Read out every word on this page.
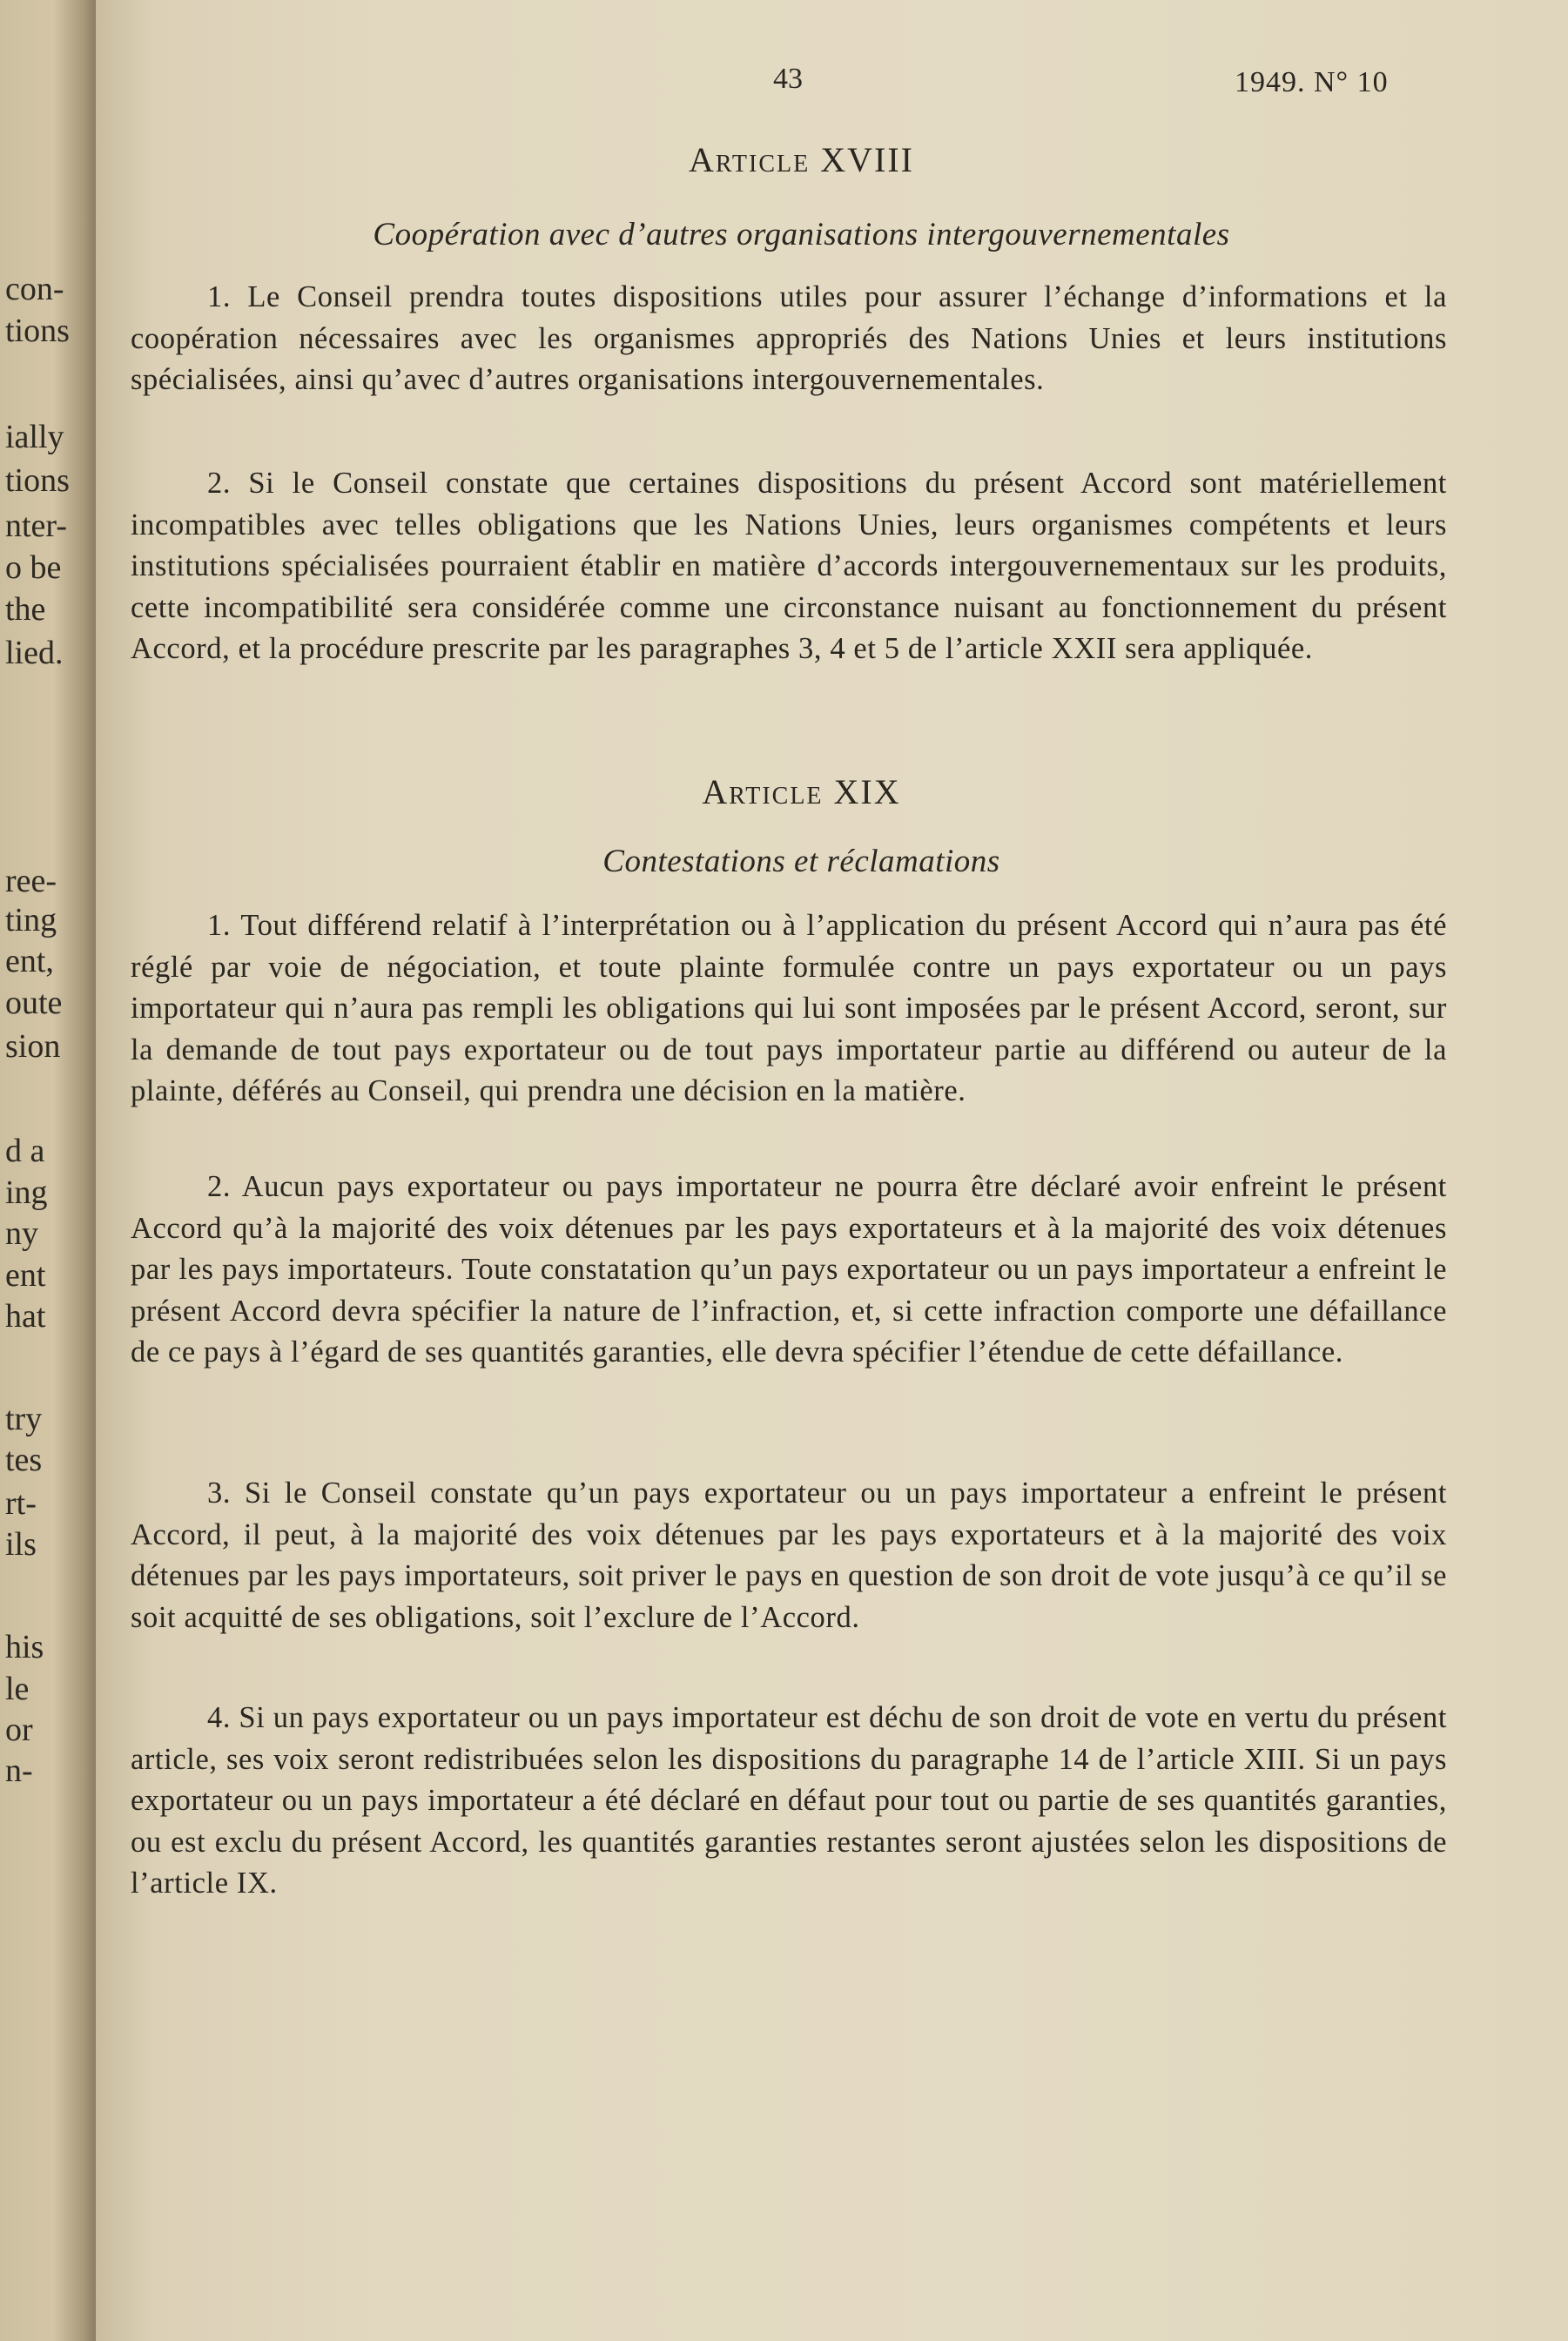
con-
tions
ially
tions
nter-
o be
the
lied.
ree-
ting
ent,
oute
sion
d a
ing
ny
ent
hat
try
tes
rt-
ils
his
le
or
n-
43	1949. N° 10
Article XVIII
Coopération avec d’autres organisations intergouvernementales

1. Le Conseil prendra toutes dispositions utiles pour assurer l’échange d’informations et la coopération nécessaires avec les organismes appropriés des Nations Unies et leurs institutions spécialisées, ainsi qu’avec d’autres organisations intergouvernementales.

2. Si le Conseil constate que certaines dispositions du présent Accord sont matériellement incompatibles avec telles obligations que les Nations Unies, leurs organismes compétents et leurs institutions spécialisées pourraient établir en matière d’accords intergouvernementaux sur les produits, cette incompatibilité sera considérée comme une circonstance nuisant au fonctionnement du présent Accord, et la procédure prescrite par les paragraphes 3, 4 et 5 de l’article XXII sera appliquée.

Article XIX
Contestations et réclamations

1. Tout différend relatif à l’interprétation ou à l’application du présent Accord qui n’aura pas été réglé par voie de négociation, et toute plainte formulée contre un pays exportateur ou un pays importateur qui n’aura pas rempli les obligations qui lui sont imposées par le présent Accord, seront, sur la demande de tout pays exportateur ou de tout pays importateur partie au différend ou auteur de la plainte, déférés au Conseil, qui prendra une décision en la matière.

2. Aucun pays exportateur ou pays importateur ne pourra être déclaré avoir enfreint le présent Accord qu’à la majorité des voix détenues par les pays exportateurs et à la majorité des voix détenues par les pays importateurs. Toute constatation qu’un pays exportateur ou un pays importateur a enfreint le présent Accord devra spécifier la nature de l’infraction, et, si cette infraction comporte une défaillance de ce pays à l’égard de ses quantités garanties, elle devra spécifier l’étendue de cette défaillance.

3. Si le Conseil constate qu’un pays exportateur ou un pays importateur a enfreint le présent Accord, il peut, à la majorité des voix détenues par les pays exportateurs et à la majorité des voix détenues par les pays importateurs, soit priver le pays en question de son droit de vote jusqu’à ce qu’il se soit acquitté de ses obligations, soit l’exclure de l’Accord.

4. Si un pays exportateur ou un pays importateur est déchu de son droit de vote en vertu du présent article, ses voix seront redistribuées selon les dispositions du paragraphe 14 de l’article XIII. Si un pays exportateur ou un pays importateur a été déclaré en défaut pour tout ou partie de ses quantités garanties, ou est exclu du présent Accord, les quantités garanties restantes seront ajustées selon les dispositions de l’article IX.
